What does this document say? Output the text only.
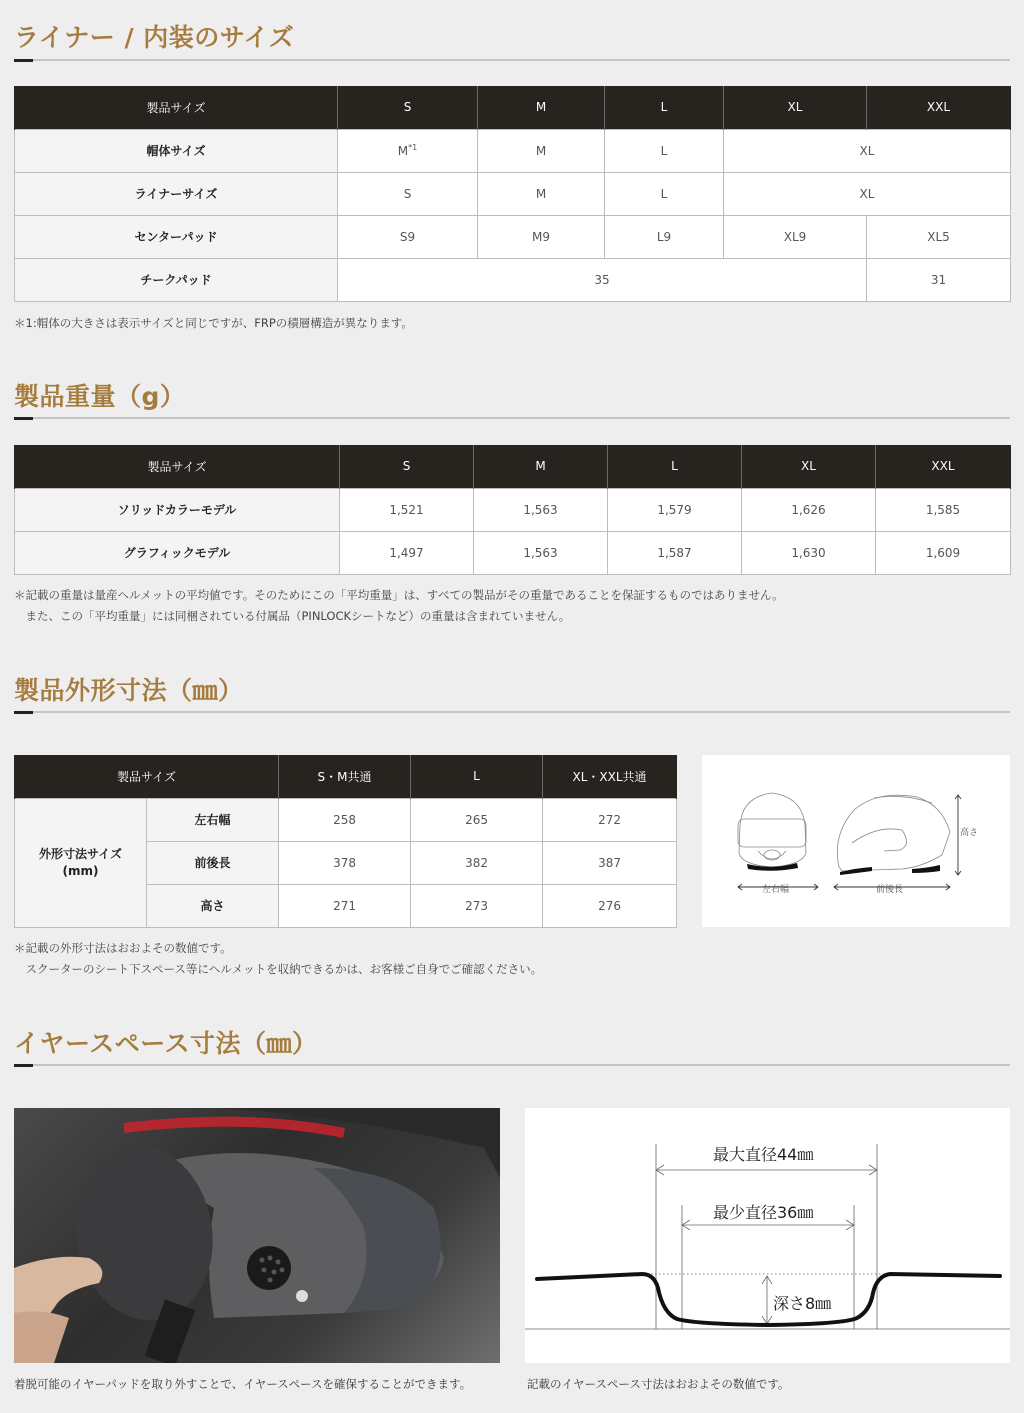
ライナー / 内装のサイズ
製品サイズ	S	M	L	XL	XXL
帽体サイズ	$M^{*1}$	M	L	XL	
ライナーサイズ	S	M	L	XL	
センターパッド	S9	M9	L9	XL9	XL5
チークパッド	35				31
＊1:帽体の大きさは表示サイズと同じですが、FRPの積層構造が異なります。
製品重量（g）
製品サイズ	S	M	L	XL	XXL
ソリッドカラーモデル	1,521	1,563	1,579	1,626	1,585
グラフィックモデル	1,497	1,563	1,587	1,630	1,609
＊記載の重量は量産ヘルメットの平均値です。そのためにこの「平均重量」は、すべての製品がその重量であることを保証するものではありません。
　また、この「平均重量」には同梱されている付属品（PINLOCKシートなど）の重量は含まれていません。
製品外形寸法（㎜）
製品サイズ		S・M共通	L	XL・XXL共通

外形寸法サイズ
(mm)	左右幅	258	265	272
	前後長	378	382	387
	高さ	271	273	276
左右幅	前後長
高さ
＊記載の外形寸法はおおよその数値です。
　スクーターのシート下スペース等にヘルメットを収納できるかは、お客様ご自身でご確認ください。
イヤースペース寸法（㎜）
着脱可能のイヤーパッドを取り外すことで、イヤースペースを確保することができます。
最大直径44㎜
最少直径36㎜
深さ8㎜
記載のイヤースペース寸法はおおよその数値です。
